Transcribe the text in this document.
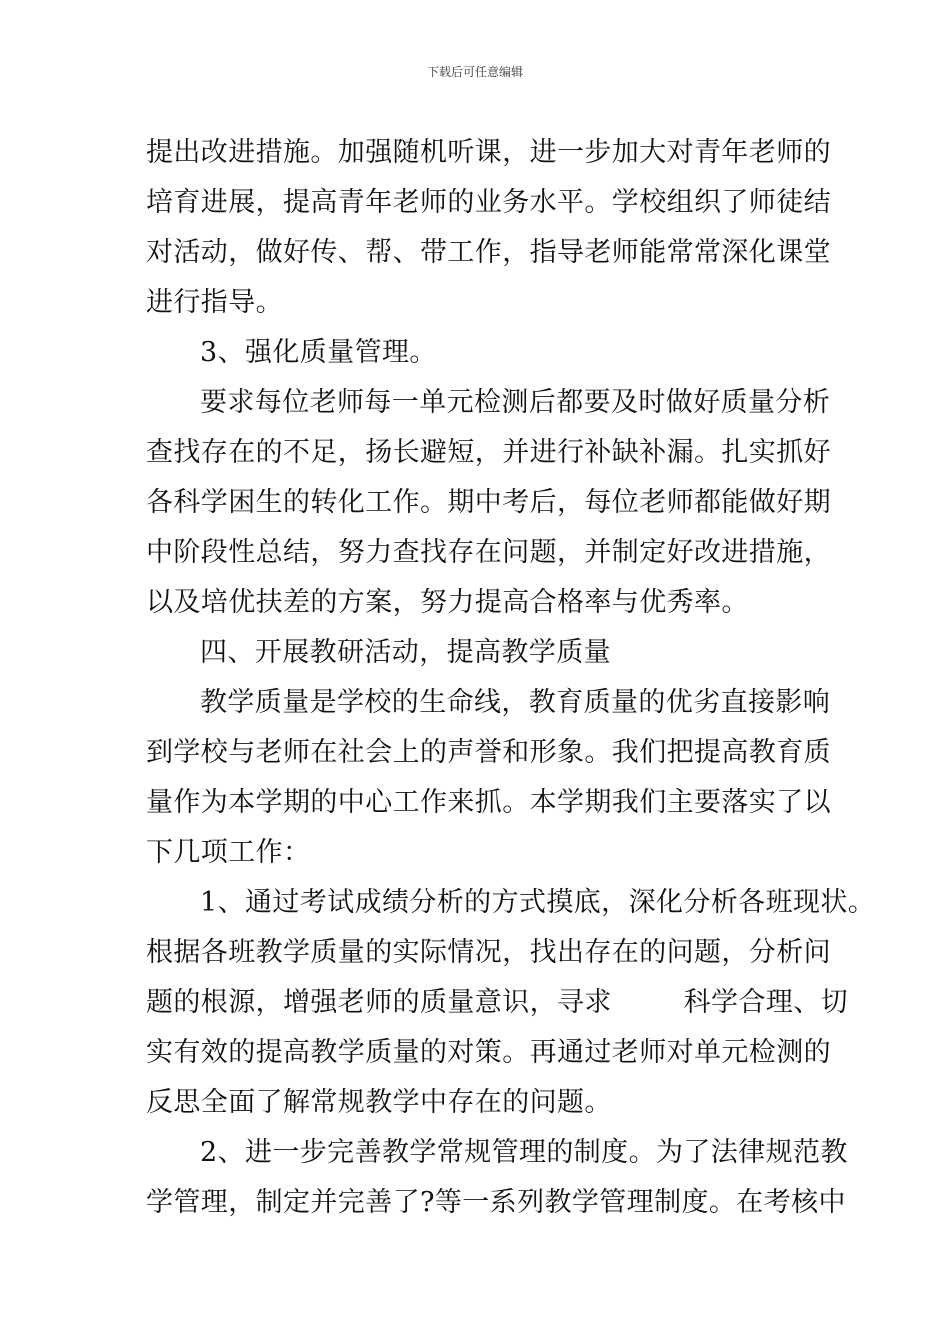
下载后可任意编辑
提出改进措施。加强随机听课，进一步加大对青年老师的
培育进展，提高青年老师的业务水平。学校组织了师徒结
对活动，做好传、帮、带工作，指导老师能常常深化课堂
进行指导。
3、强化质量管理。
要求每位老师每一单元检测后都要及时做好质量分析
查找存在的不足，扬长避短，并进行补缺补漏。扎实抓好
各科学困生的转化工作。期中考后，每位老师都能做好期
中阶段性总结，努力查找存在问题，并制定好改进措施，
以及培优扶差的方案，努力提高合格率与优秀率。
四、开展教研活动，提高教学质量
教学质量是学校的生命线，教育质量的优劣直接影响
到学校与老师在社会上的声誉和形象。我们把提高教育质
量作为本学期的中心工作来抓。本学期我们主要落实了以
下几项工作：
1、通过考试成绩分析的方式摸底，深化分析各班现状。
根据各班教学质量的实际情况，找出存在的问题，分析问
题的根源，增强老师的质量意识，寻求        科学合理、切
实有效的提高教学质量的对策。再通过老师对单元检测的
反思全面了解常规教学中存在的问题。
2、进一步完善教学常规管理的制度。为了法律规范教
学管理，制定并完善了?等一系列教学管理制度。在考核中
